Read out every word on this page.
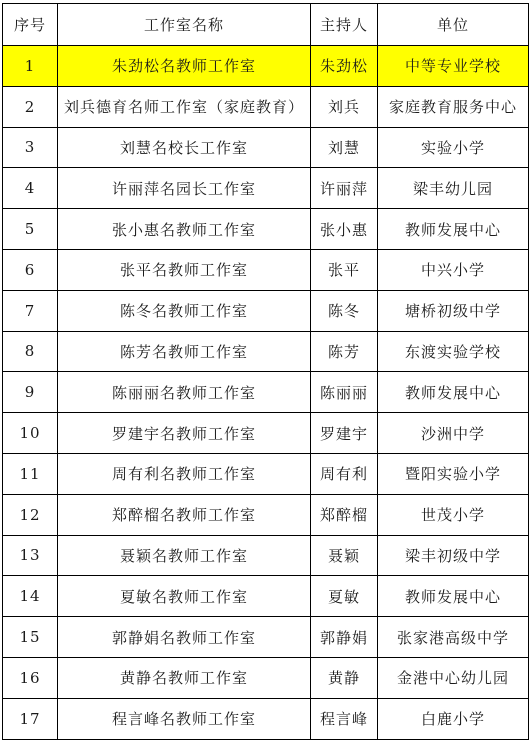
序号	工作室名称	主持人	单位
1	朱劲松名教师工作室	朱劲松	中等专业学校
2	刘兵德育名师工作室（家庭教育）	刘兵	家庭教育服务中心
3	刘慧名校长工作室	刘慧	实验小学
4	许丽萍名园长工作室	许丽萍	梁丰幼儿园
5	张小惠名教师工作室	张小惠	教师发展中心
6	张平名教师工作室	张平	中兴小学
7	陈冬名教师工作室	陈冬	塘桥初级中学
8	陈芳名教师工作室	陈芳	东渡实验学校
9	陈丽丽名教师工作室	陈丽丽	教师发展中心
10	罗建宇名教师工作室	罗建宇	沙洲中学
11	周有利名教师工作室	周有利	暨阳实验小学
12	郑醉榴名教师工作室	郑醉榴	世茂小学
13	聂颖名教师工作室	聂颖	梁丰初级中学
14	夏敏名教师工作室	夏敏	教师发展中心
15	郭静娟名教师工作室	郭静娟	张家港高级中学
16	黄静名教师工作室	黄静	金港中心幼儿园
17	程言峰名教师工作室	程言峰	白鹿小学
